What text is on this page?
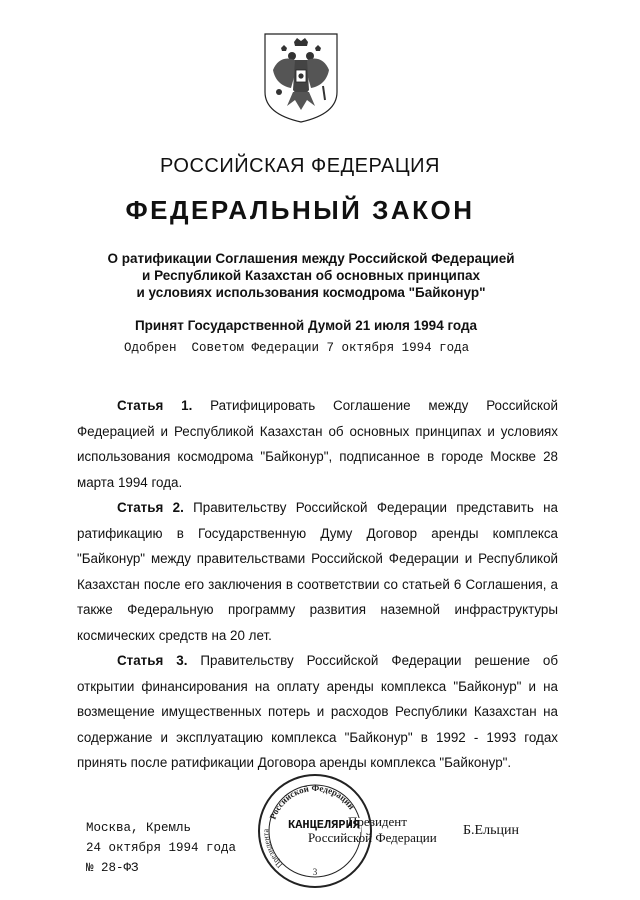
РОССИЙСКАЯ ФЕДЕРАЦИЯ
ФЕДЕРАЛЬНЫЙ ЗАКОН
О ратификации Соглашения между Российской Федерацией
и Республикой Казахстан об основных принципах
и условиях использования космодрома "Байконур"
Принят Государственной Думой 21 июля 1994 года
Одобрен Советом Федерации 7 октября 1994 года

Статья 1. Ратифицировать Соглашение между Российской Федерацией и Республикой Казахстан об основных принципах и условиях использования космодрома "Байконур", подписанное в городе Москве 28 марта 1994 года.

Статья 2. Правительству Российской Федерации представить на ратификацию в Государственную Думу Договор аренды комплекса "Байконур" между правительствами Российской Федерации и Республикой Казахстан после его заключения в соответствии со статьей 6 Соглашения, а также Федеральную программу развития наземной инфраструктуры космических средств на 20 лет.

Статья 3. Правительству Российской Федерации решение об открытии финансирования на оплату аренды комплекса "Байконур" и на возмещение имущественных потерь и расходов Республики Казахстан на содержание и эксплуатацию комплекса "Байконур" в 1992 - 1993 годах принять после ратификации Договора аренды комплекса "Байконур".

Москва, Кремль
24 октября 1994 года
№ 28-ФЗ
Российской Федерации
Президента
3
КАНЦЕЛЯРИЯ
Президент
Российской Федерации Б.Ельцин
